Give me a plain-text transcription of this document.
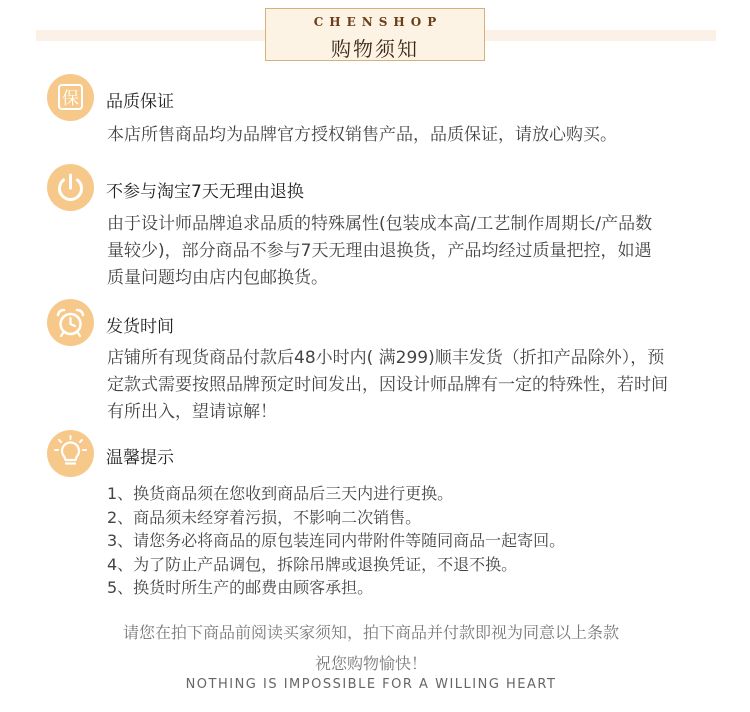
CHENSHOP
购物须知
保 品质保证
本店所售商品均为品牌官方授权销售产品，品质保证，请放心购买。
不参与淘宝7天无理由退换
由于设计师品牌追求品质的特殊属性(包装成本高/工艺制作周期长/产品数
量较少)，部分商品不参与7天无理由退换货，产品均经过质量把控，如遇
质量问题均由店内包邮换货。
发货时间
店铺所有现货商品付款后48小时内( 满299)顺丰发货（折扣产品除外），预
定款式需要按照品牌预定时间发出，因设计师品牌有一定的特殊性，若时间
有所出入，望请谅解！
温馨提示
1、换货商品须在您收到商品后三天内进行更换。
2、商品须未经穿着污损，不影响二次销售。
3、请您务必将商品的原包装连同内带附件等随同商品一起寄回。
4、为了防止产品调包，拆除吊牌或退换凭证，不退不换。
5、换货时所生产的邮费由顾客承担。
请您在拍下商品前阅读买家须知，拍下商品并付款即视为同意以上条款
祝您购物愉快！
NOTHING IS IMPOSSIBLE FOR A WILLING HEART
